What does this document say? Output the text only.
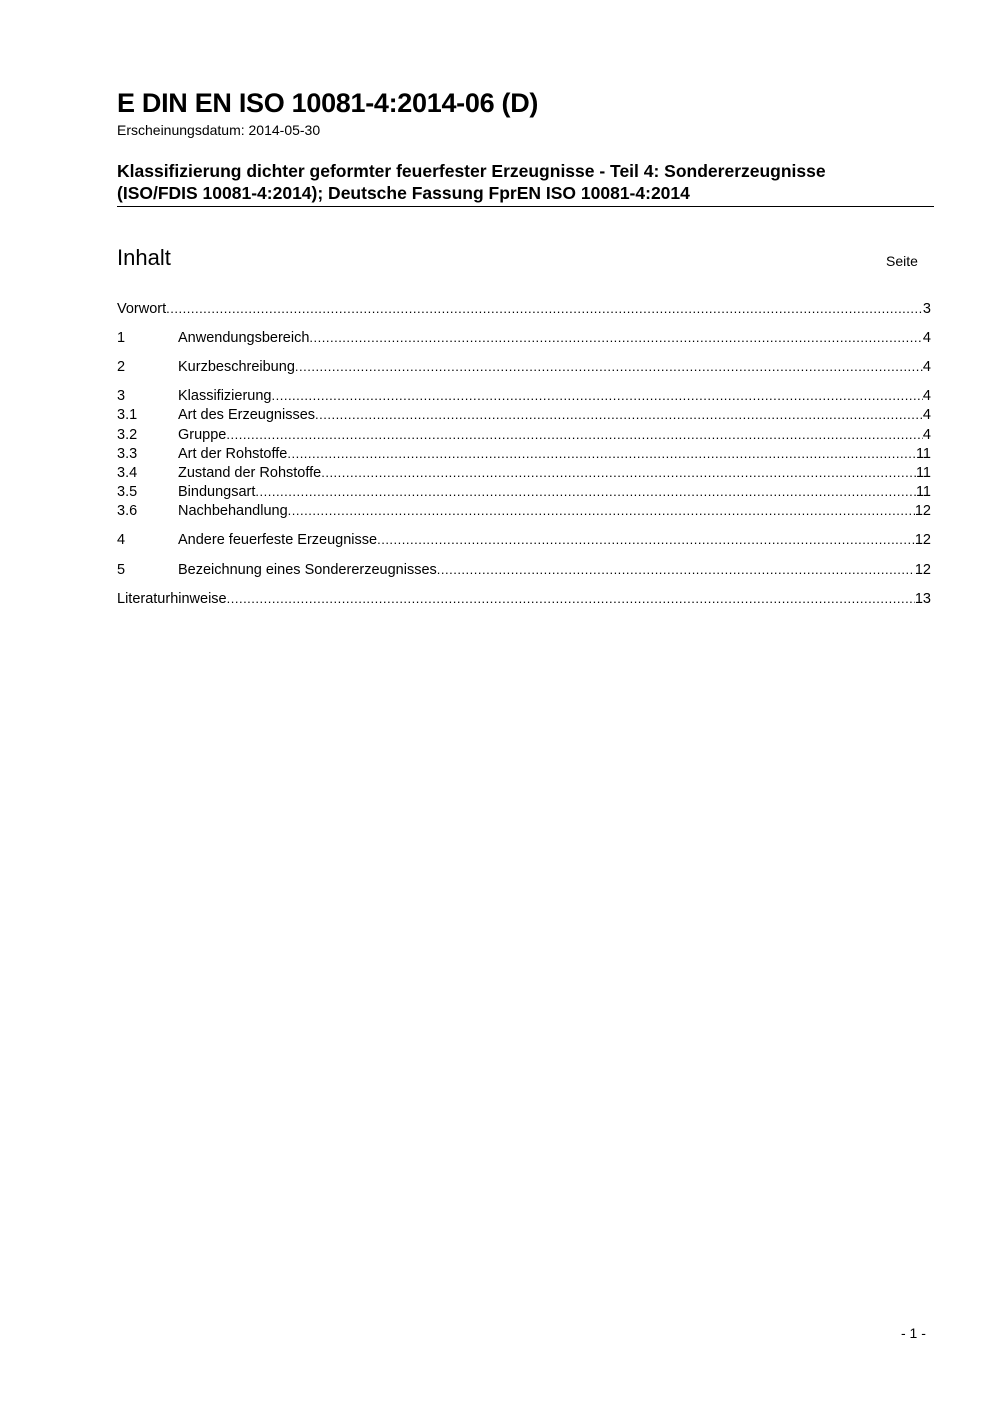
E DIN EN ISO 10081-4:2014-06 (D)
Erscheinungsdatum: 2014-05-30
Klassifizierung dichter geformter feuerfester Erzeugnisse - Teil 4: Sondererzeugnisse
(ISO/FDIS 10081-4:2014); Deutsche Fassung FprEN ISO 10081-4:2014
Inhalt	Seite
Vorwort .....	3
1	Anwendungsbereich .....	4
2	Kurzbeschreibung .....	4
3	Klassifizierung .....	4
3.1	Art des Erzeugnisses .....	4
3.2	Gruppe .....	4
3.3	Art der Rohstoffe .....	11
3.4	Zustand der Rohstoffe .....	11
3.5	Bindungsart .....	11
3.6	Nachbehandlung .....	12
4	Andere feuerfeste Erzeugnisse .....	12
5	Bezeichnung eines Sondererzeugnisses .....	12
Literaturhinweise .....	13
- 1 -
